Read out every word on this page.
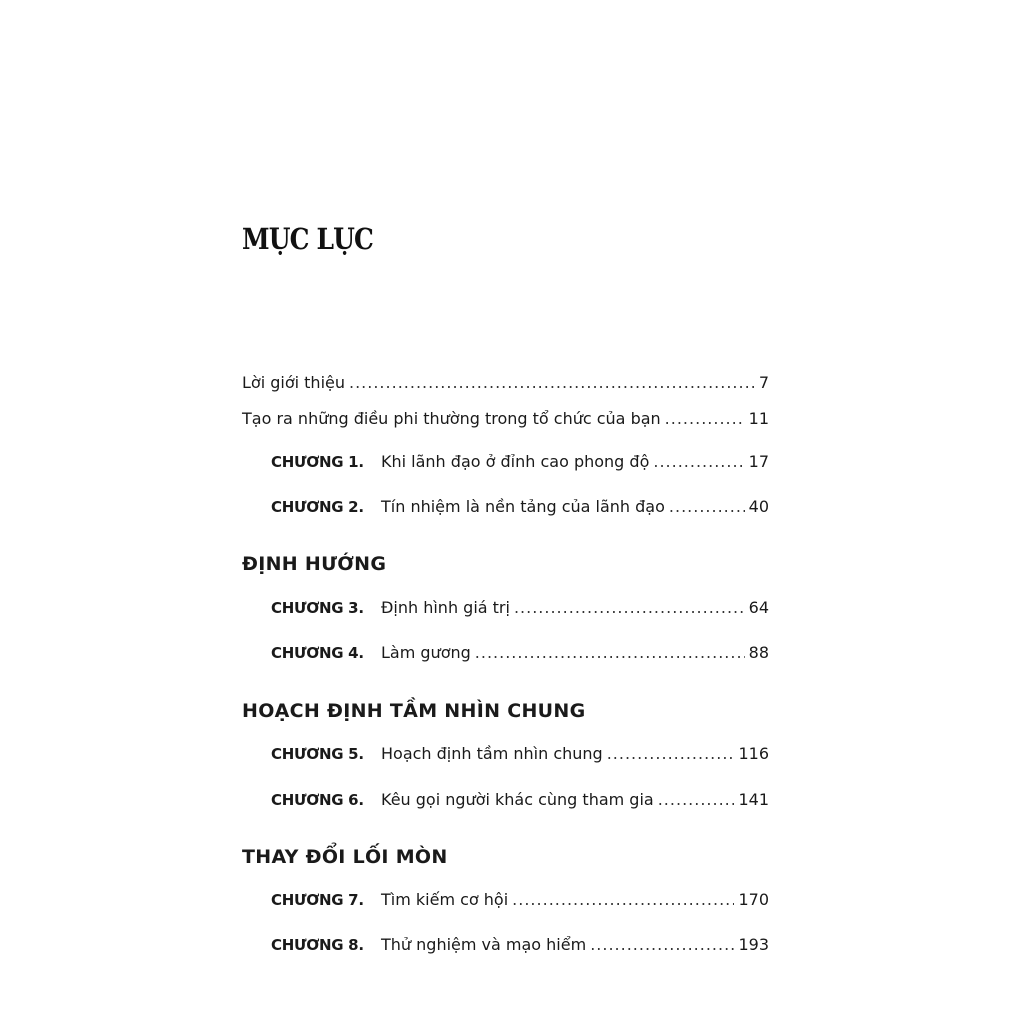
MỤC LỤC
Lời giới thiệu .....	7
Tạo ra những điều phi thường trong tổ chức của bạn .....	11
CHƯƠNG 1.	Khi lãnh đạo ở đỉnh cao phong độ .....	17
CHƯƠNG 2.	Tín nhiệm là nền tảng của lãnh đạo .....	40
ĐỊNH HƯỚNG
CHƯƠNG 3.	Định hình giá trị .....	64
CHƯƠNG 4.	Làm gương .....	88
HOẠCH ĐỊNH TẦM NHÌN CHUNG
CHƯƠNG 5.	Hoạch định tầm nhìn chung .....	116
CHƯƠNG 6.	Kêu gọi người khác cùng tham gia .....	141
THAY ĐỔI LỐI MÒN
CHƯƠNG 7.	Tìm kiếm cơ hội .....	170
CHƯƠNG 8.	Thử nghiệm và mạo hiểm .....	193
